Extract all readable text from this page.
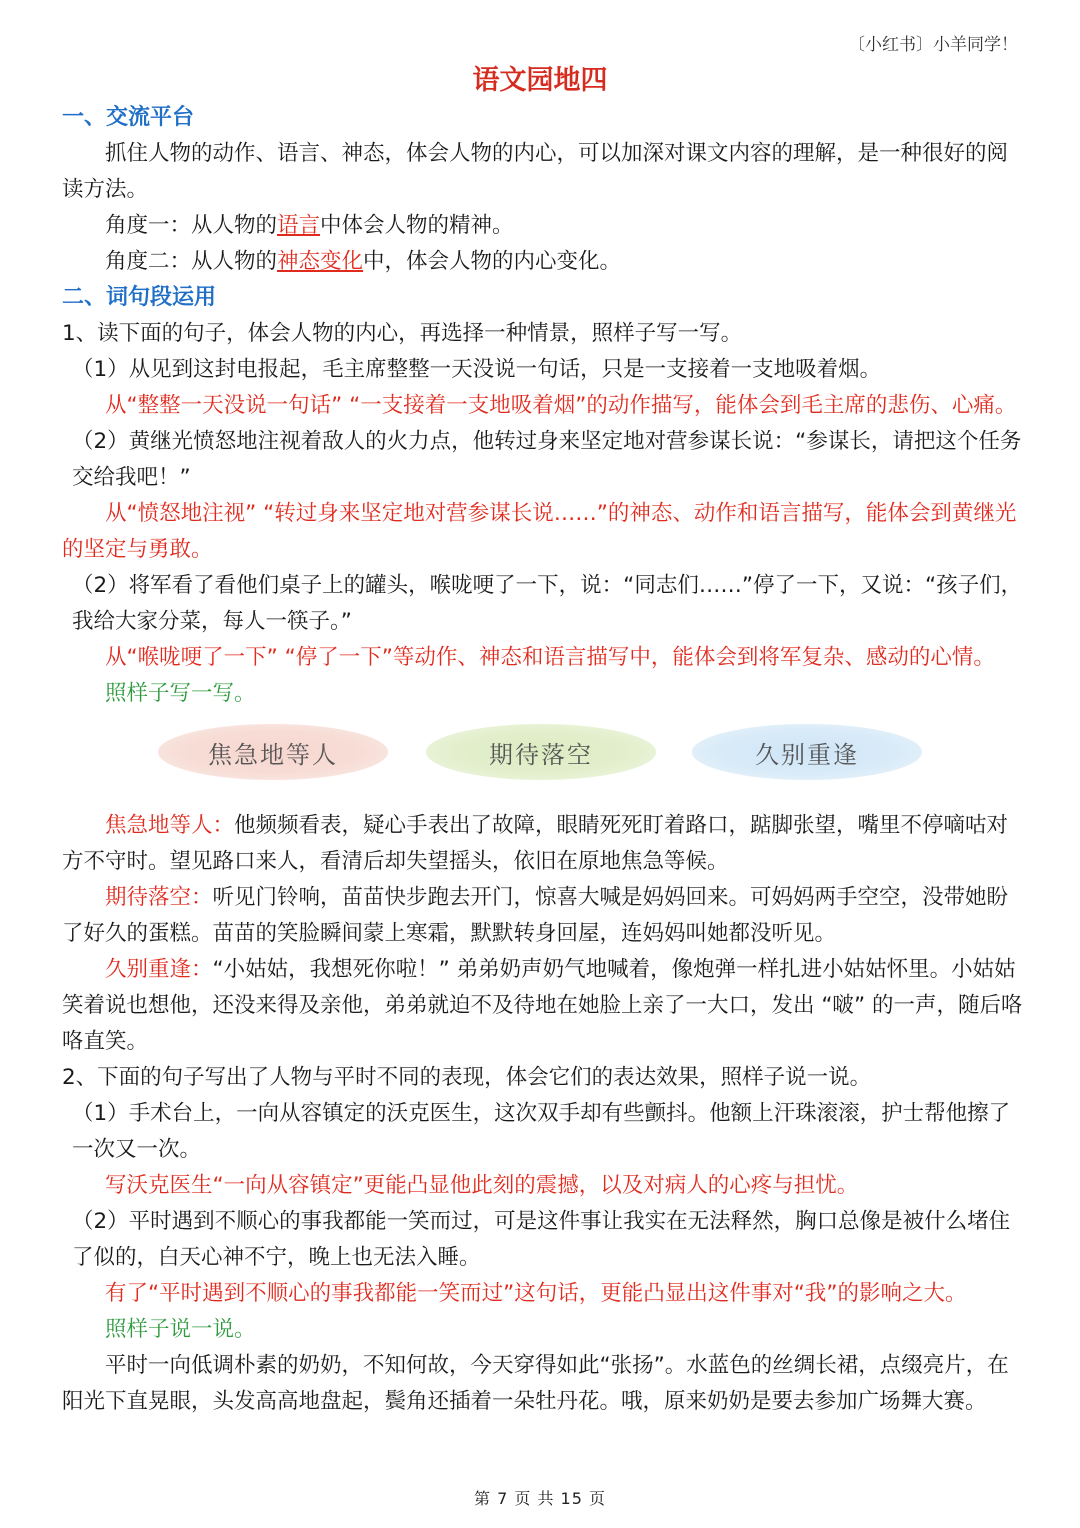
〔小红书〕小羊同学！
语文园地四

一、交流平台

抓住人物的动作、语言、神态，体会人物的内心，可以加深对课文内容的理解，是一种很好的阅读方法。

角度一：从人物的语言中体会人物的精神。

角度二：从人物的神态变化中，体会人物的内心变化。

二、词句段运用

1、读下面的句子，体会人物的内心，再选择一种情景，照样子写一写。

（1）从见到这封电报起，毛主席整整一天没说一句话，只是一支接着一支地吸着烟。

从“整整一天没说一句话” “一支接着一支地吸着烟”的动作描写，能体会到毛主席的悲伤、心痛。

（2）黄继光愤怒地注视着敌人的火力点，他转过身来坚定地对营参谋长说：“参谋长，请把这个任务交给我吧！”

从“愤怒地注视” “转过身来坚定地对营参谋长说……”的神态、动作和语言描写，能体会到黄继光的坚定与勇敢。

（2）将军看了看他们桌子上的罐头，喉咙哽了一下，说：“同志们……”停了一下，又说：“孩子们，我给大家分菜，每人一筷子。”

从“喉咙哽了一下” “停了一下”等动作、神态和语言描写中，能体会到将军复杂、感动的心情。

照样子写一写。

焦急地等人	期待落空	久别重逢

焦急地等人：他频频看表，疑心手表出了故障，眼睛死死盯着路口，踮脚张望，嘴里不停嘀咕对方不守时。望见路口来人，看清后却失望摇头，依旧在原地焦急等候。

期待落空：听见门铃响，苗苗快步跑去开门，惊喜大喊是妈妈回来。可妈妈两手空空，没带她盼了好久的蛋糕。苗苗的笑脸瞬间蒙上寒霜，默默转身回屋，连妈妈叫她都没听见。

久别重逢：“小姑姑，我想死你啦！” 弟弟奶声奶气地喊着，像炮弹一样扎进小姑姑怀里。小姑姑笑着说也想他，还没来得及亲他，弟弟就迫不及待地在她脸上亲了一大口，发出 “啵” 的一声，随后咯咯直笑。

2、下面的句子写出了人物与平时不同的表现，体会它们的表达效果，照样子说一说。

（1）手术台上，一向从容镇定的沃克医生，这次双手却有些颤抖。他额上汗珠滚滚，护士帮他擦了一次又一次。

写沃克医生“一向从容镇定”更能凸显他此刻的震撼，以及对病人的心疼与担忧。

（2）平时遇到不顺心的事我都能一笑而过，可是这件事让我实在无法释然，胸口总像是被什么堵住了似的，白天心神不宁，晚上也无法入睡。

有了“平时遇到不顺心的事我都能一笑而过”这句话，更能凸显出这件事对“我”的影响之大。

照样子说一说。

平时一向低调朴素的奶奶，不知何故，今天穿得如此“张扬”。水蓝色的丝绸长裙，点缀亮片，在阳光下直晃眼，头发高高地盘起，鬓角还插着一朵牡丹花。哦，原来奶奶是要去参加广场舞大赛。

第 7 页 共 15 页
